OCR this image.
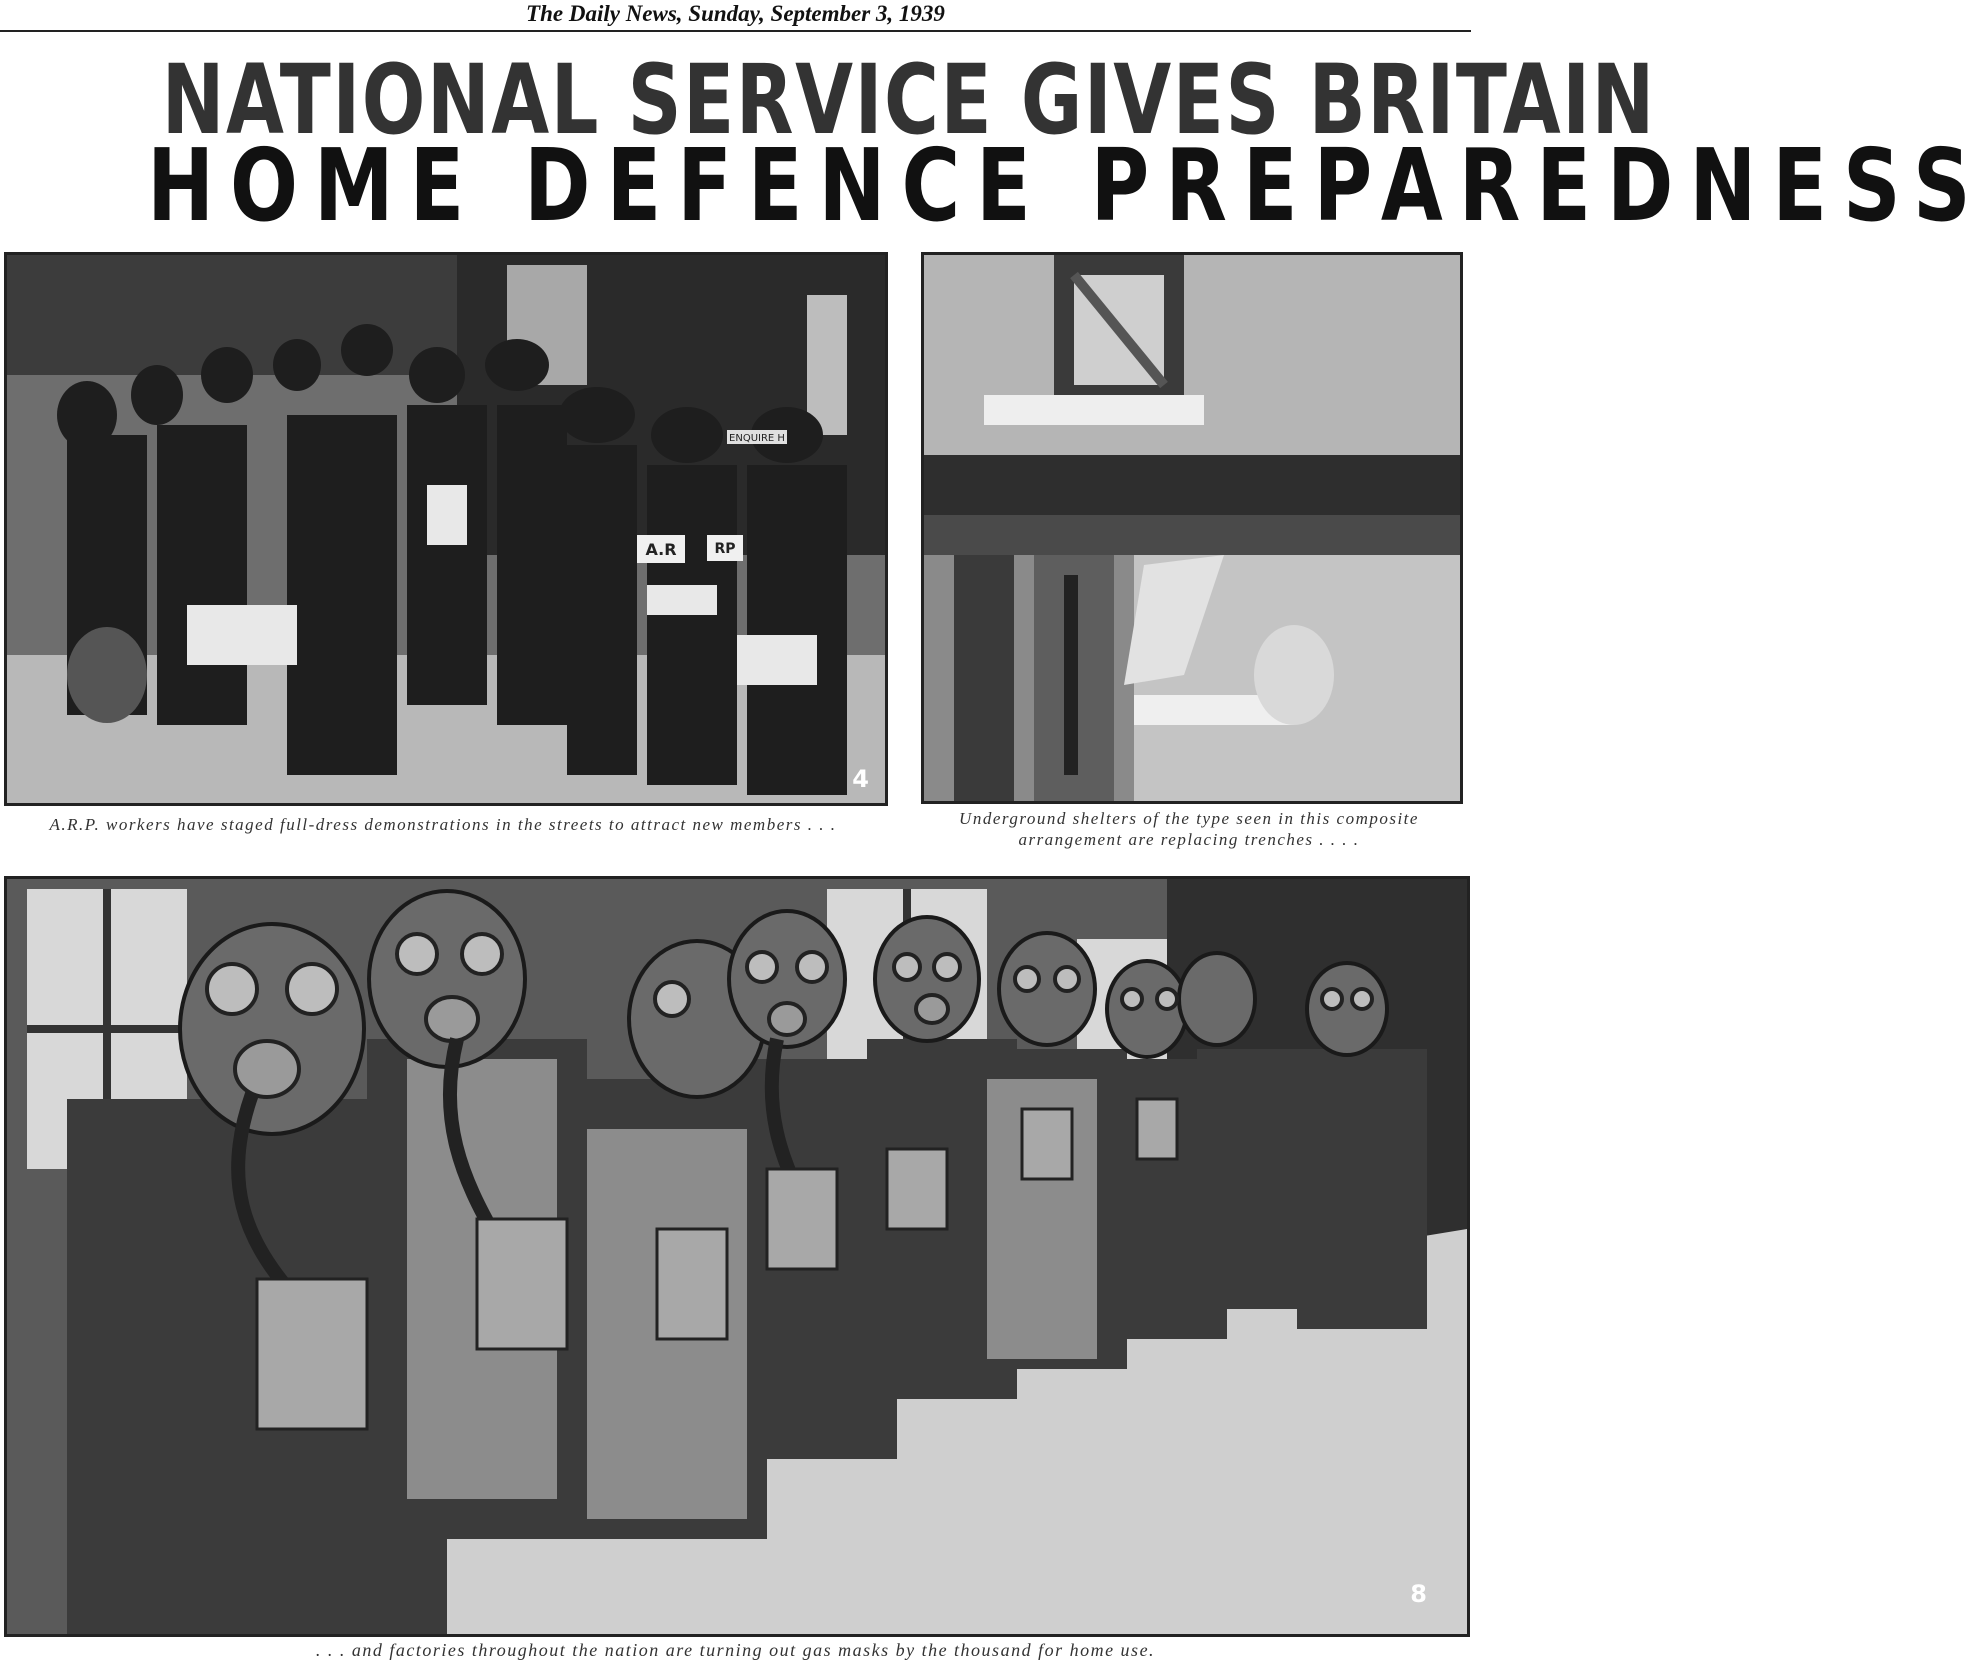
The Daily News, Sunday, September 3, 1939
NATIONAL SERVICE GIVES BRITAIN
HOME DEFENCE PREPAREDNESS
ENQUIRE H
A.R	RP
4
A.R.P. workers have staged full-dress demonstrations in the streets to attract new members . . .	Underground shelters of the type seen in this composite arrangement are replacing trenches . . . .
8
. . . and factories throughout the nation are turning out gas masks by the thousand for home use.
